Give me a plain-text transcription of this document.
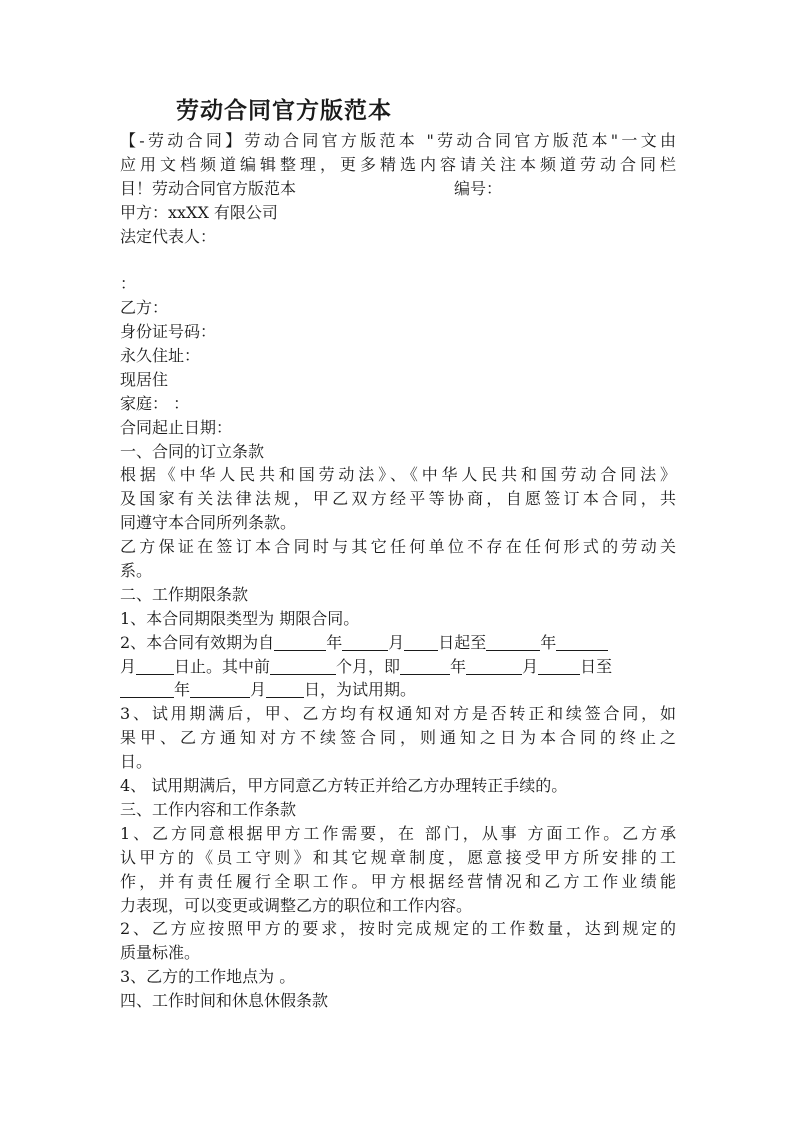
劳动合同官方版范本
【-劳动合同】劳动合同官方版范本 "劳动合同官方版范本"一文由
应用文档频道编辑整理，更多精选内容请关注本频道劳动合同栏
目！劳动合同官方版范本	编号：
甲方：xxXX 有限公司
法定代表人：
：
乙方：
身份证号码：
永久住址：
现居住
家庭： ：
合同起止日期：
一、合同的订立条款
根据《中华人民共和国劳动法》、《中华人民共和国劳动合同法》
及国家有关法律法规，甲乙双方经平等协商，自愿签订本合同，共
同遵守本合同所列条款。
乙方保证在签订本合同时与其它任何单位不存在任何形式的劳动关
系。
二、工作期限条款
1、本合同期限类型为 期限合同。
2、本合同有效期为自	年	月 日起至	年
月 日止。其中前	个月，即	年	月	日至
年	月 日，为试用期。
3、试用期满后，甲、乙方均有权通知对方是否转正和续签合同，如
果甲、乙方通知对方不续签合同，则通知之日为本合同的终止之
日。
4、 试用期满后，甲方同意乙方转正并给乙方办理转正手续的。
三、工作内容和工作条款
1、乙方同意根据甲方工作需要，在 部门，从事 方面工作。乙方承
认甲方的《员工守则》和其它规章制度，愿意接受甲方所安排的工
作，并有责任履行全职工作。甲方根据经营情况和乙方工作业绩能
力表现，可以变更或调整乙方的职位和工作内容。
2、乙方应按照甲方的要求，按时完成规定的工作数量，达到规定的
质量标准。
3、乙方的工作地点为 。
四、工作时间和休息休假条款
